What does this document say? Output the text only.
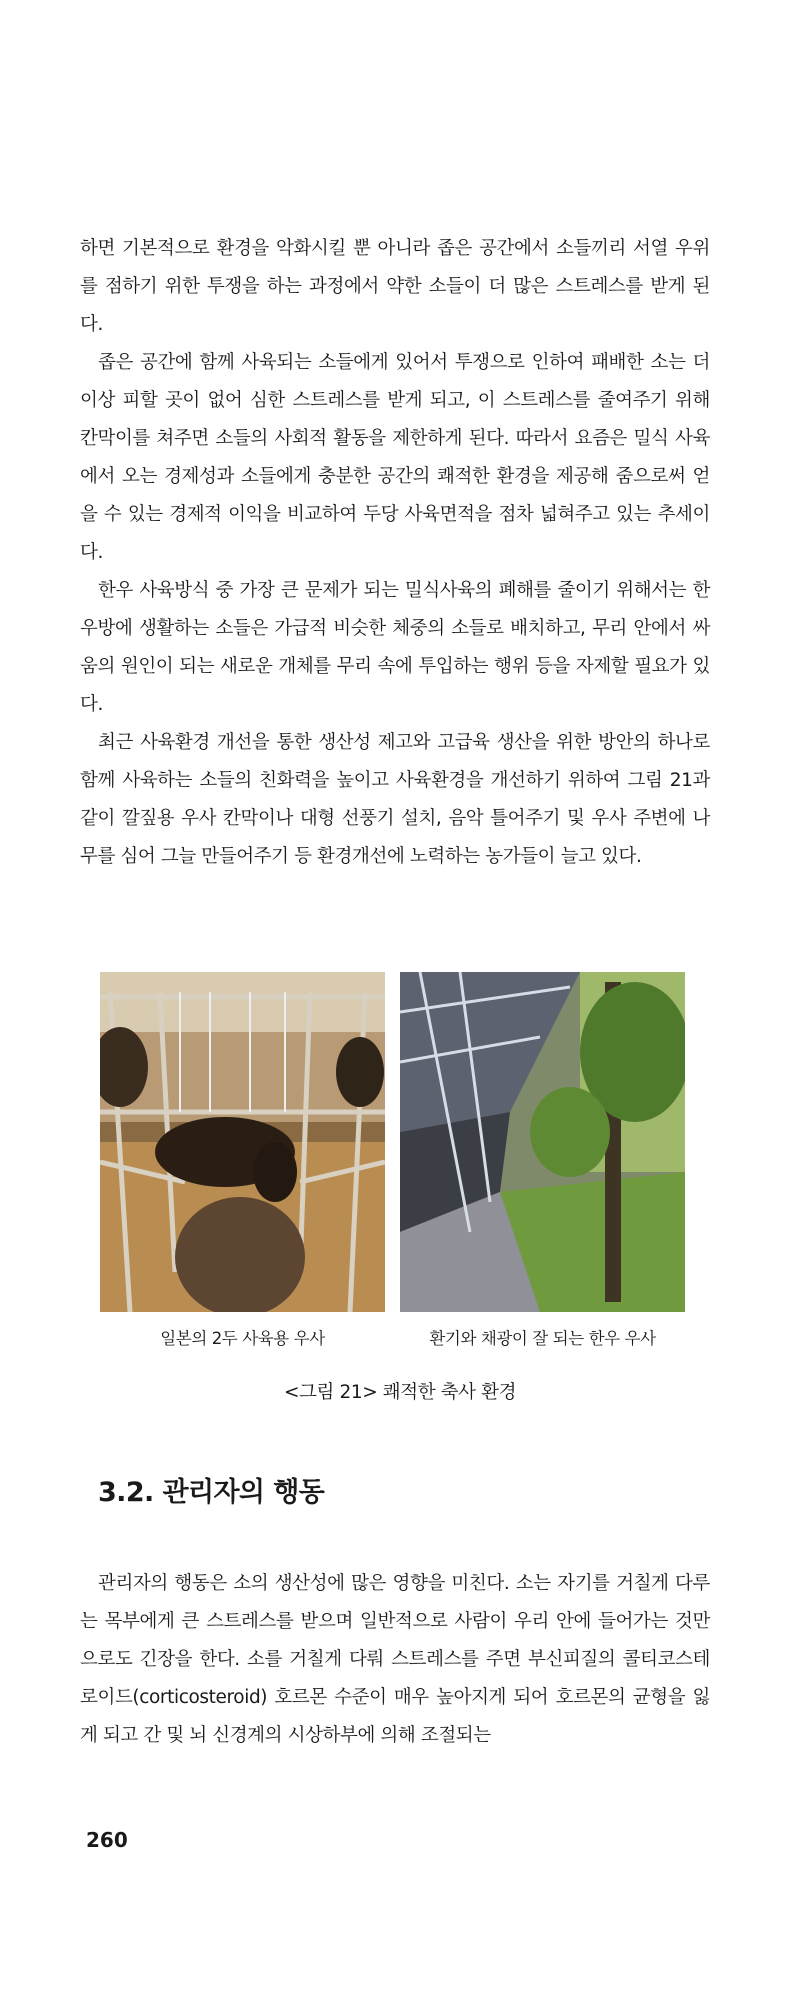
하면 기본적으로 환경을 악화시킬 뿐 아니라 좁은 공간에서 소들끼리 서열 우위를 점하기 위한 투쟁을 하는 과정에서 약한 소들이 더 많은 스트레스를 받게 된다.

좁은 공간에 함께 사육되는 소들에게 있어서 투쟁으로 인하여 패배한 소는 더 이상 피할 곳이 없어 심한 스트레스를 받게 되고, 이 스트레스를 줄여주기 위해 칸막이를 쳐주면 소들의 사회적 활동을 제한하게 된다. 따라서 요즘은 밀식 사육에서 오는 경제성과 소들에게 충분한 공간의 쾌적한 환경을 제공해 줌으로써 얻을 수 있는 경제적 이익을 비교하여 두당 사육면적을 점차 넓혀주고 있는 추세이다.

한우 사육방식 중 가장 큰 문제가 되는 밀식사육의 폐해를 줄이기 위해서는 한 우방에 생활하는 소들은 가급적 비슷한 체중의 소들로 배치하고, 무리 안에서 싸움의 원인이 되는 새로운 개체를 무리 속에 투입하는 행위 등을 자제할 필요가 있다.

최근 사육환경 개선을 통한 생산성 제고와 고급육 생산을 위한 방안의 하나로 함께 사육하는 소들의 친화력을 높이고 사육환경을 개선하기 위하여 그림 21과 같이 깔짚용 우사 칸막이나 대형 선풍기 설치, 음악 틀어주기 및 우사 주변에 나무를 심어 그늘 만들어주기 등 환경개선에 노력하는 농가들이 늘고 있다.

일본의 2두 사육용 우사	환기와 채광이 잘 되는 한우 우사
<그림 21> 쾌적한 축사 환경
3.2. 관리자의 행동

관리자의 행동은 소의 생산성에 많은 영향을 미친다. 소는 자기를 거칠게 다루는 목부에게 큰 스트레스를 받으며 일반적으로 사람이 우리 안에 들어가는 것만으로도 긴장을 한다. 소를 거칠게 다뤄 스트레스를 주면 부신피질의 콜티코스테로이드(corticosteroid) 호르몬 수준이 매우 높아지게 되어 호르몬의 균형을 잃게 되고 간 및 뇌 신경계의 시상하부에 의해 조절되는

260
